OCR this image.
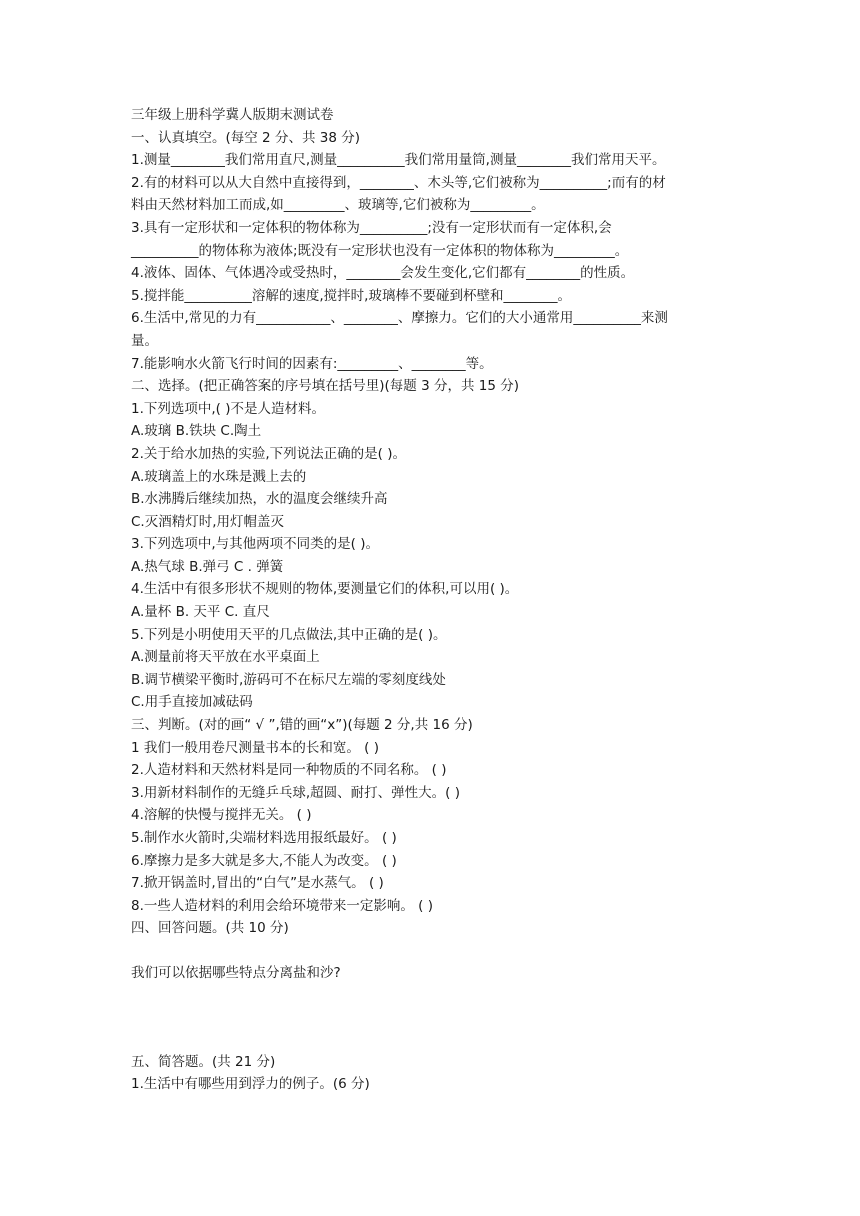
三年级上册科学冀人版期末测试卷
一、认真填空。(每空 2 分、共 38 分)
1.测量________我们常用直尺,测量__________我们常用量筒,测量________我们常用天平。
2.有的材料可以从大自然中直接得到，________、木头等,它们被称为__________;而有的材
料由天然材料加工而成,如_________、玻璃等,它们被称为_________。
3.具有一定形状和一定体积的物体称为__________;没有一定形状而有一定体积,会
__________的物体称为液体;既没有一定形状也没有一定体积的物体称为_________。
4.液体、固体、气体遇冷或受热时，________会发生变化,它们都有________的性质。
5.搅拌能__________溶解的速度,搅拌时,玻璃棒不要碰到杯壁和________。
6.生活中,常见的力有___________、________、摩擦力。它们的大小通常用__________来测
量。
7.能影响水火箭飞行时间的因素有:_________、________等。
二、选择。(把正确答案的序号填在括号里)(每题 3 分，共 15 分)
1.下列选项中,( )不是人造材料。
A.玻璃 B.铁块 C.陶土
2.关于给水加热的实验,下列说法正确的是( )。
A.玻璃盖上的水珠是溅上去的
B.水沸腾后继续加热，水的温度会继续升高
C.灭酒精灯时,用灯帽盖灭
3.下列选项中,与其他两项不同类的是( )。
A.热气球 B.弹弓 C . 弹簧
4.生活中有很多形状不规则的物体,要测量它们的体积,可以用( )。
A.量杯 B. 天平 C. 直尺
5.下列是小明使用天平的几点做法,其中正确的是( )。
A.测量前将天平放在水平桌面上
B.调节横梁平衡时,游码可不在标尺左端的零刻度线处
C.用手直接加减砝码
三、判断。(对的画“ √ ”,错的画“x”)(每题 2 分,共 16 分)
1 我们一般用卷尺测量书本的长和宽。 ( )
2.人造材料和天然材料是同一种物质的不同名称。 ( )
3.用新材料制作的无缝乒乓球,超圆、耐打、弹性大。( )
4.溶解的快慢与搅拌无关。 ( )
5.制作水火箭时,尖端材料选用报纸最好。 ( )
6.摩擦力是多大就是多大,不能人为改变。 ( )
7.掀开锅盖时,冒出的“白气”是水蒸气。 ( )
8.一些人造材料的利用会给环境带来一定影响。 ( )
四、回答问题。(共 10 分)
我们可以依据哪些特点分离盐和沙?
五、简答题。(共 21 分)
1.生活中有哪些用到浮力的例子。(6 分)
